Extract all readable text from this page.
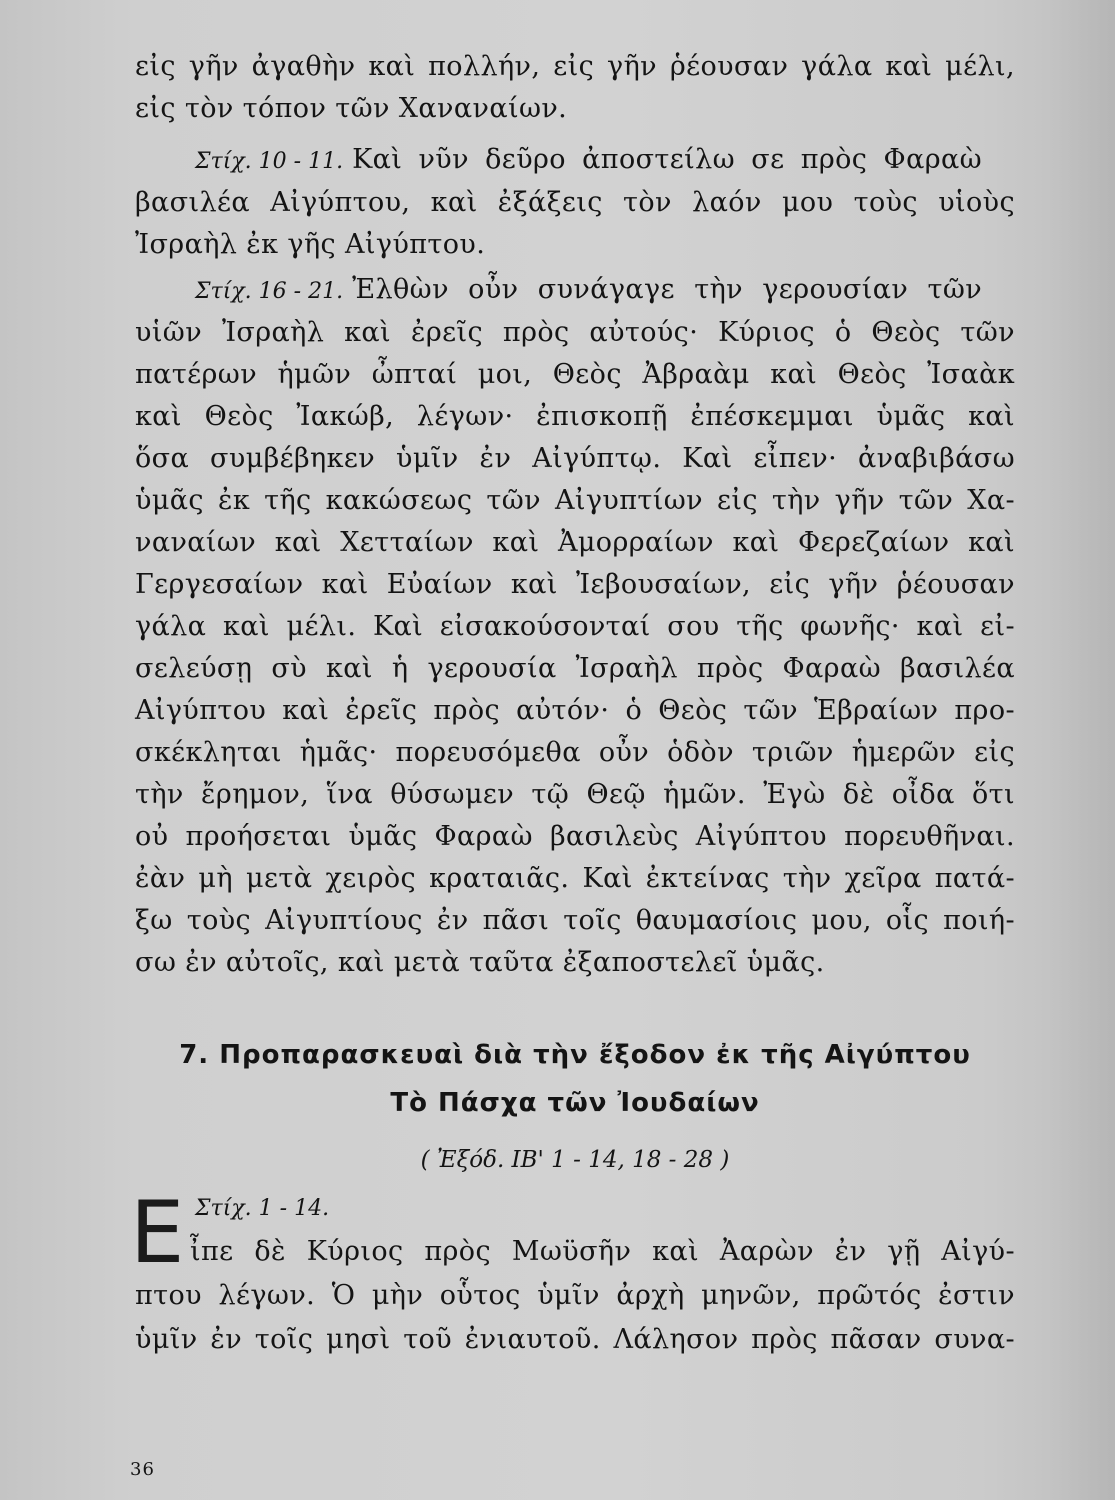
εἰς γῆν ἀγαθὴν καὶ πολλήν, εἰς γῆν ῥέουσαν γάλα καὶ μέλι,
εἰς τὸν τόπον τῶν Χαναναίων.
Στίχ. 10 - 11. Καὶ νῦν δεῦρο ἀποστείλω σε πρὸς Φαραὼ
βασιλέα Αἰγύπτου, καὶ ἐξάξεις τὸν λαόν μου τοὺς υἱοὺς
Ἰσραὴλ ἐκ γῆς Αἰγύπτου.
Στίχ. 16 - 21. Ἐλθὼν οὖν συνάγαγε τὴν γερουσίαν τῶν
υἱῶν Ἰσραὴλ καὶ ἐρεῖς πρὸς αὐτούς· Κύριος ὁ Θεὸς τῶν
πατέρων ἡμῶν ὦπταί μοι, Θεὸς Ἀβραὰμ καὶ Θεὸς Ἰσαὰκ
καὶ Θεὸς Ἰακώβ, λέγων· ἐπισκοπῇ ἐπέσκεμμαι ὑμᾶς καὶ
ὅσα συμβέβηκεν ὑμῖν ἐν Αἰγύπτῳ. Καὶ εἶπεν· ἀναβιβάσω
ὑμᾶς ἐκ τῆς κακώσεως τῶν Αἰγυπτίων εἰς τὴν γῆν τῶν Χα-
ναναίων καὶ Χετταίων καὶ Ἀμορραίων καὶ Φερεζαίων καὶ
Γεργεσαίων καὶ Εὐαίων καὶ Ἰεβουσαίων, εἰς γῆν ῥέουσαν
γάλα καὶ μέλι. Καὶ εἰσακούσονταί σου τῆς φωνῆς· καὶ εἰ-
σελεύσῃ σὺ καὶ ἡ γερουσία Ἰσραὴλ πρὸς Φαραὼ βασιλέα
Αἰγύπτου καὶ ἐρεῖς πρὸς αὐτόν· ὁ Θεὸς τῶν Ἑβραίων προ-
σκέκληται ἡμᾶς· πορευσόμεθα οὖν ὁδὸν τριῶν ἡμερῶν εἰς
τὴν ἔρημον, ἵνα θύσωμεν τῷ Θεῷ ἡμῶν. Ἐγὼ δὲ οἶδα ὅτι
οὐ προήσεται ὑμᾶς Φαραὼ βασιλεὺς Αἰγύπτου πορευθῆναι.
ἐὰν μὴ μετὰ χειρὸς κραταιᾶς. Καὶ ἐκτείνας τὴν χεῖρα πατά-
ξω τοὺς Αἰγυπτίους ἐν πᾶσι τοῖς θαυμασίοις μου, οἷς ποιή-
σω ἐν αὐτοῖς, καὶ μετὰ ταῦτα ἐξαποστελεῖ ὑμᾶς.
7. Προπαρασκευαὶ διὰ τὴν ἔξοδον ἐκ τῆς Αἰγύπτου
Τὸ Πάσχα τῶν Ἰουδαίων
( Ἐξόδ. ΙΒ' 1 - 14, 18 - 28 )
Ε Στίχ. 1 - 14.
ἶπε δὲ Κύριος πρὸς Μωϋσῆν καὶ Ἀαρὼν ἐν γῇ Αἰγύ-
πτου λέγων. Ὁ μὴν οὗτος ὑμῖν ἀρχὴ μηνῶν, πρῶτός ἐστιν
ὑμῖν ἐν τοῖς μησὶ τοῦ ἐνιαυτοῦ. Λάλησον πρὸς πᾶσαν συνα-
36
